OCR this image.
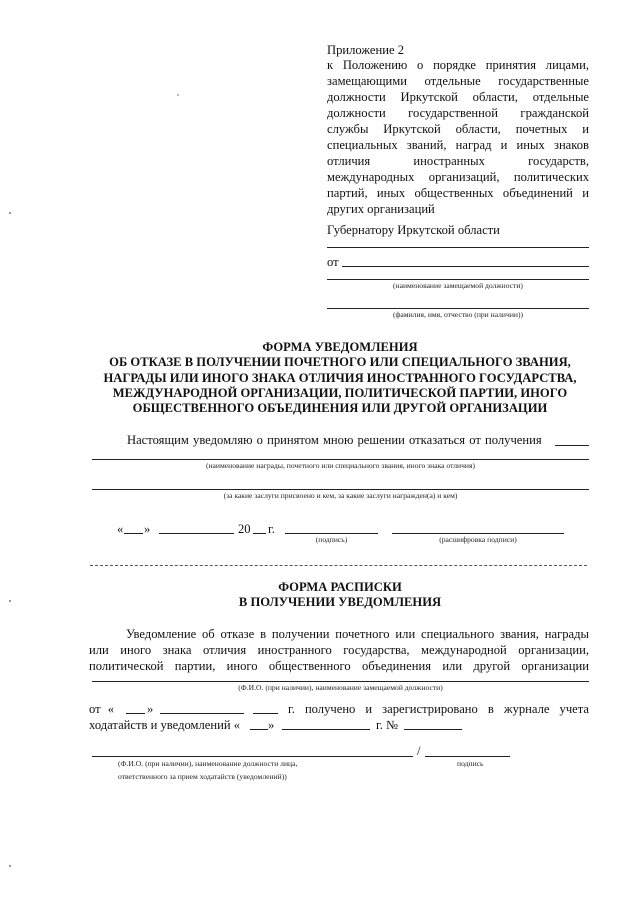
Приложение 2
к Положению о порядке принятия лицами,
замещающими отдельные государственные
должности Иркутской области, отдельные
должности государственной гражданской
службы Иркутской области, почетных и
специальных званий, наград и иных знаков
отличия иностранных государств,
международных организаций, политических
партий, иных общественных объединений и
других организаций
Губернатору Иркутской области
от
(наименование замещаемой должности)
(фамилия, имя, отчество (при наличии))
ФОРМА УВЕДОМЛЕНИЯ
ОБ ОТКАЗЕ В ПОЛУЧЕНИИ ПОЧЕТНОГО ИЛИ СПЕЦИАЛЬНОГО ЗВАНИЯ,
НАГРАДЫ ИЛИ ИНОГО ЗНАКА ОТЛИЧИЯ ИНОСТРАННОГО ГОСУДАРСТВА,
МЕЖДУНАРОДНОЙ ОРГАНИЗАЦИИ, ПОЛИТИЧЕСКОЙ ПАРТИИ, ИНОГО
ОБЩЕСТВЕННОГО ОБЪЕДИНЕНИЯ ИЛИ ДРУГОЙ ОРГАНИЗАЦИИ
Настоящим уведомляю о принятом мною решении отказаться от получения
(наименование награды, почетного или специального звания, иного знака отличия)
(за какие заслуги присвоено и кем, за какие заслуги награжден(а) и кем)
« »	20 г.
(подпись)	(расшифровка подписи)
ФОРМА РАСПИСКИ
В ПОЛУЧЕНИИ УВЕДОМЛЕНИЯ
Уведомление об отказе в получении почетного или специального звания, награды
или иного знака отличия иностранного государства, международной организации,
политической партии, иного общественного объединения или другой организации
(Ф.И.О. (при наличии), наименование замещаемой должности)
от «	»	г. получено и зарегистрировано в журнале учета
ходатайств и уведомлений « »	г. №
/
(Ф.И.О. (при наличии), наименование должности лица,	подпись
ответственного за прием ходатайств (уведомлений))
